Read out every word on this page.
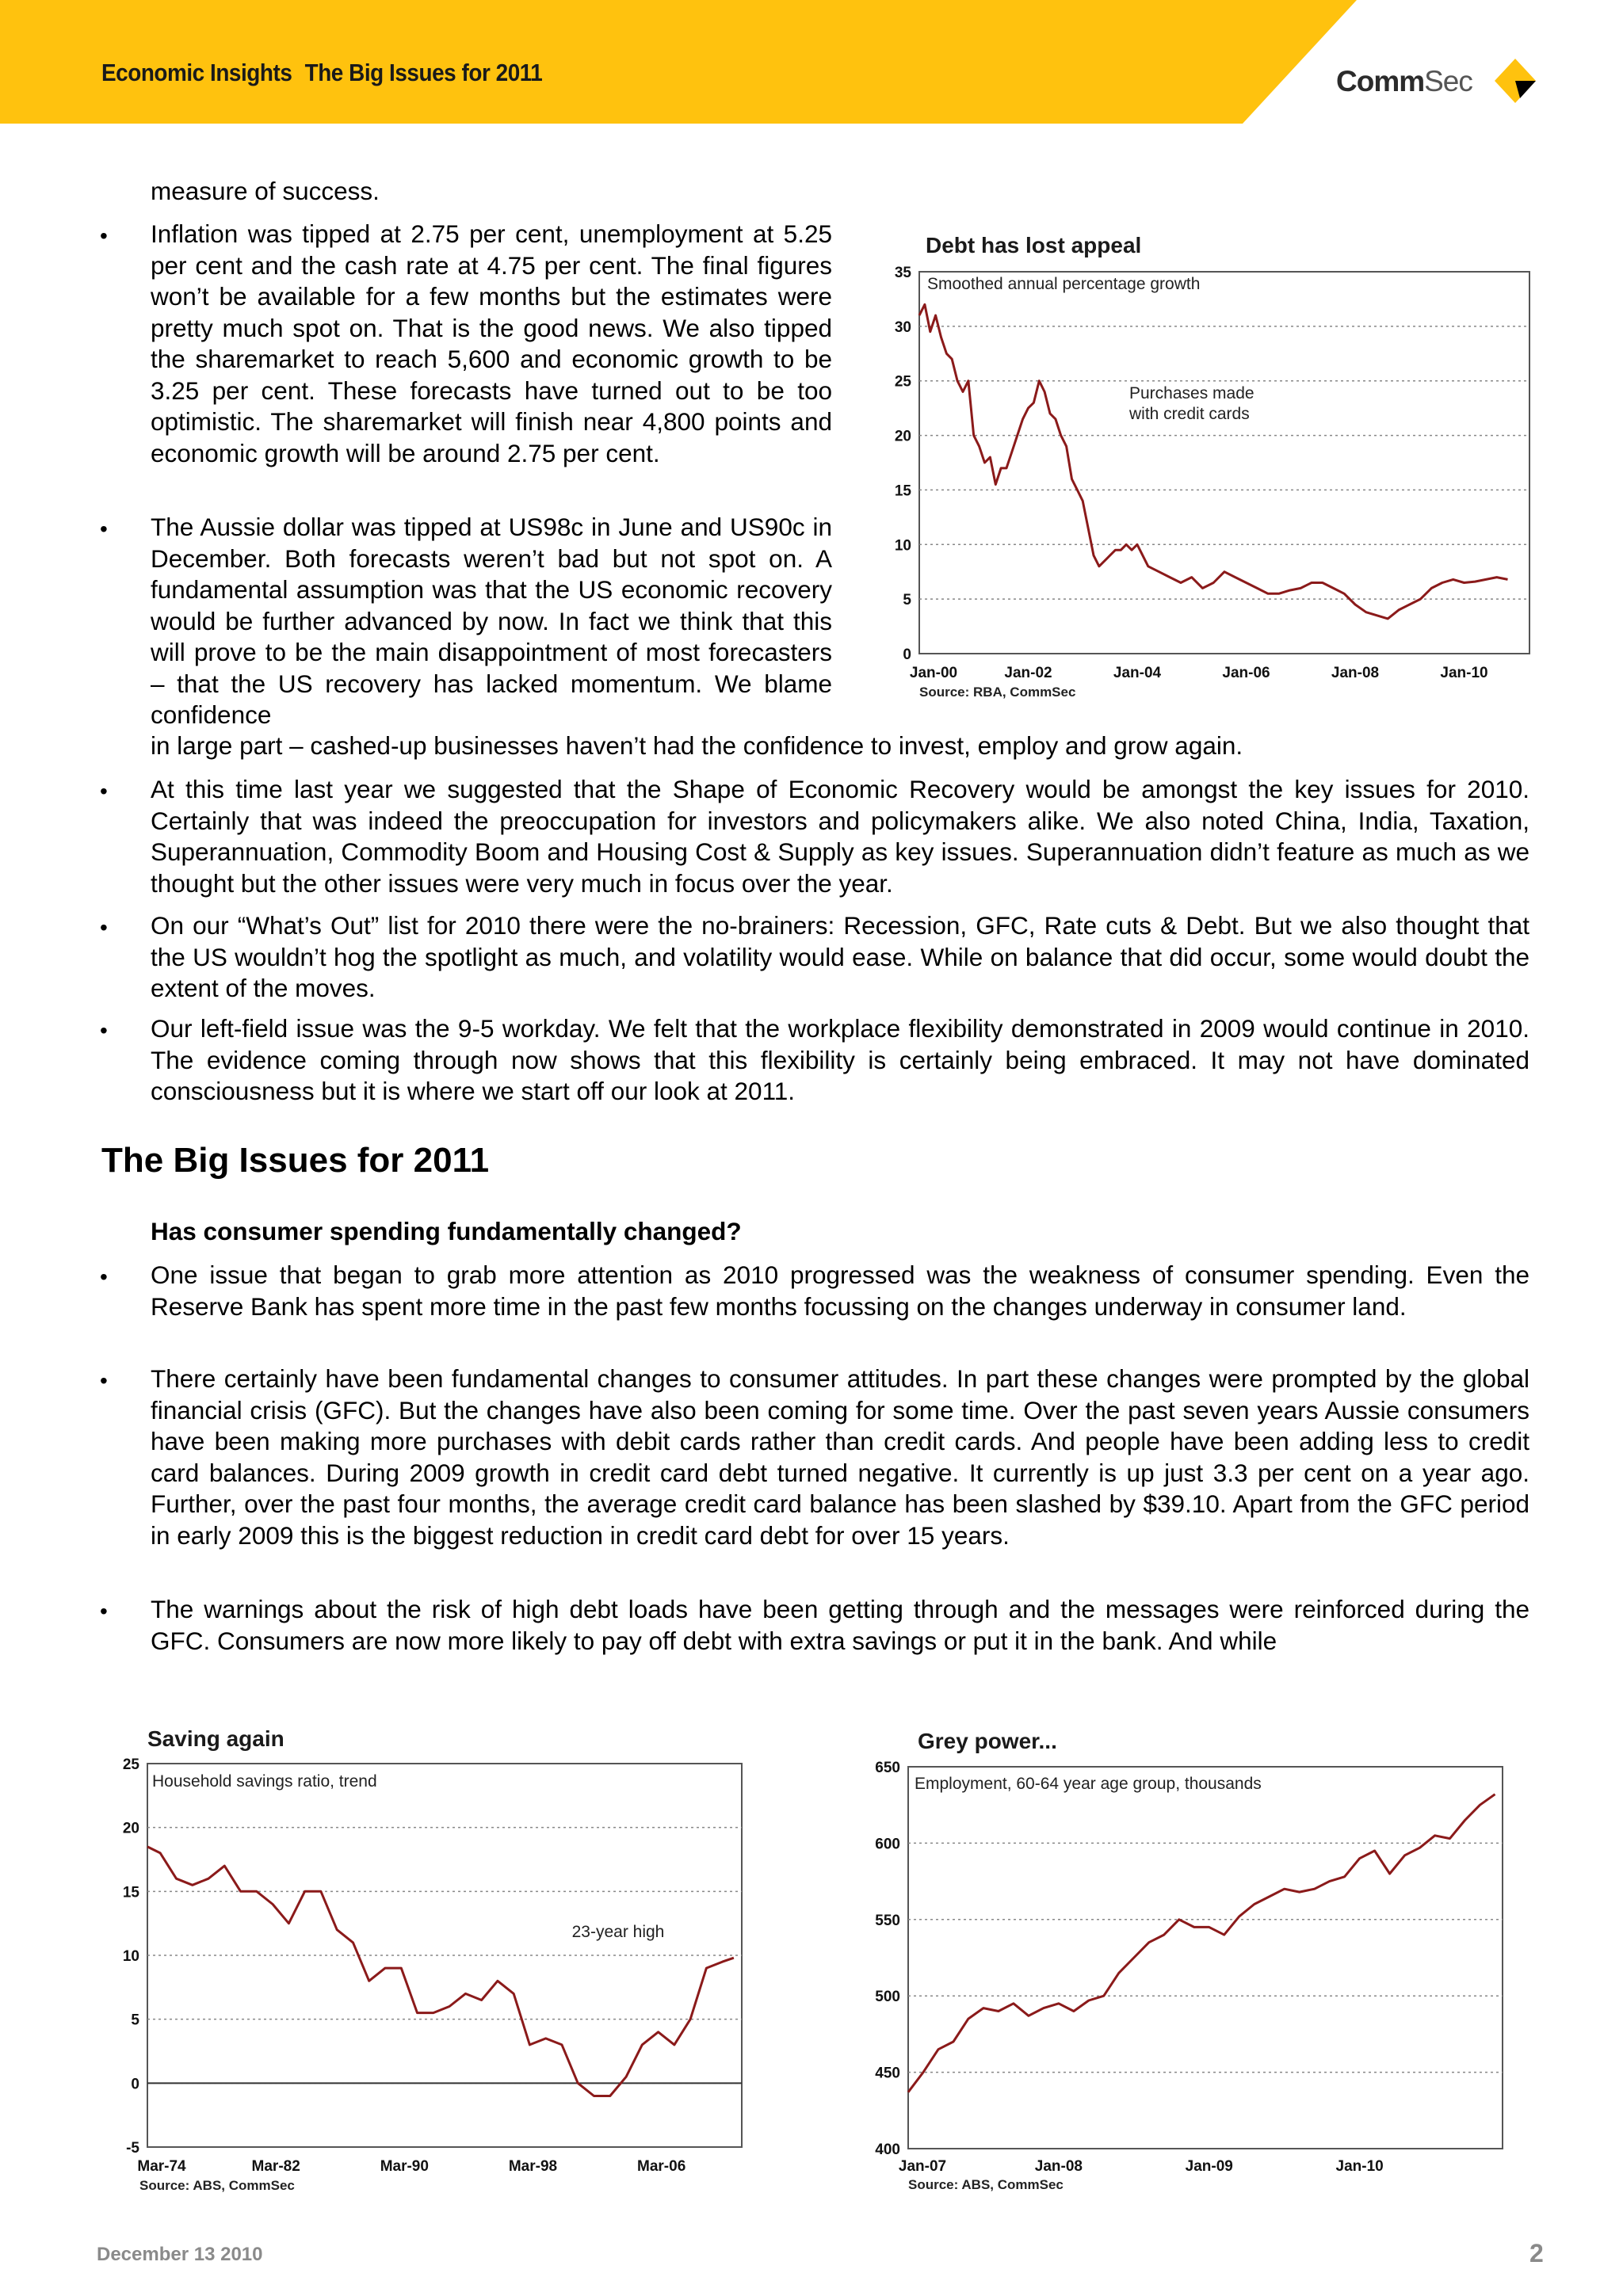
Economic Insights The Big Issues for 2011	CommSec
measure of success.
• Inflation was tipped at 2.75 per cent, unemployment at 5.25 per cent and the cash rate at 4.75 per cent. The final figures won’t be available for a few months but the estimates were pretty much spot on. That is the good news. We also tipped the sharemarket to reach 5,600 and economic growth to be 3.25 per cent. These forecasts have turned out to be too optimistic. The sharemarket will finish near 4,800 points and economic growth will be around 2.75 per cent.
• The Aussie dollar was tipped at US98c in June and US90c in December. Both forecasts weren’t bad but not spot on. A fundamental assumption was that the US economic recovery would be further advanced by now. In fact we think that this will prove to be the main disappointment of most forecasters – that the US recovery has lacked momentum. We blame confidence
in large part – cashed-up businesses haven’t had the confidence to invest, employ and grow again.
• At this time last year we suggested that the Shape of Economic Recovery would be amongst the key issues for 2010. Certainly that was indeed the preoccupation for investors and policymakers alike. We also noted China, India, Taxation, Superannuation, Commodity Boom and Housing Cost & Supply as key issues. Superannuation didn’t feature as much as we thought but the other issues were very much in focus over the year.
• On our “What’s Out” list for 2010 there were the no-brainers: Recession, GFC, Rate cuts & Debt. But we also thought that the US wouldn’t hog the spotlight as much, and volatility would ease. While on balance that did occur, some would doubt the extent of the moves.
• Our left-field issue was the 9-5 workday. We felt that the workplace flexibility demonstrated in 2009 would continue in 2010. The evidence coming through now shows that this flexibility is certainly being embraced. It may not have dominated consciousness but it is where we start off our look at 2011.
The Big Issues for 2011
Has consumer spending fundamentally changed?
• One issue that began to grab more attention as 2010 progressed was the weakness of consumer spending. Even the Reserve Bank has spent more time in the past few months focussing on the changes underway in consumer land.
• There certainly have been fundamental changes to consumer attitudes. In part these changes were prompted by the global financial crisis (GFC). But the changes have also been coming for some time. Over the past seven years Aussie consumers have been making more purchases with debit cards rather than credit cards. And people have been adding less to credit card balances. During 2009 growth in credit card debt turned negative. It currently is up just 3.3 per cent on a year ago. Further, over the past four months, the average credit card balance has been slashed by $39.10. Apart from the GFC period in early 2009 this is the biggest reduction in credit card debt for over 15 years.
• The warnings about the risk of high debt loads have been getting through and the messages were reinforced during the GFC. Consumers are now more likely to pay off debt with extra savings or put it in the bank. And while
Debt has lost appeal
0
5
10
15
20
25
30
35
Jan-00	Jan-02	Jan-04	Jan-06	Jan-08	Jan-10
Smoothed annual percentage growth
Purchases made
with credit cards
Source: RBA, CommSec
Saving again
-5
0
5
10
15
20
25
Mar-74	Mar-82	Mar-90	Mar-98	Mar-06
Household savings ratio, trend
23-year high
Source: ABS, CommSec
Grey power...
400
450
500
550
600
650
Jan-07	Jan-08	Jan-09	Jan-10
Employment, 60-64 year age group, thousands
Source: ABS, CommSec
December 13 2010	2
